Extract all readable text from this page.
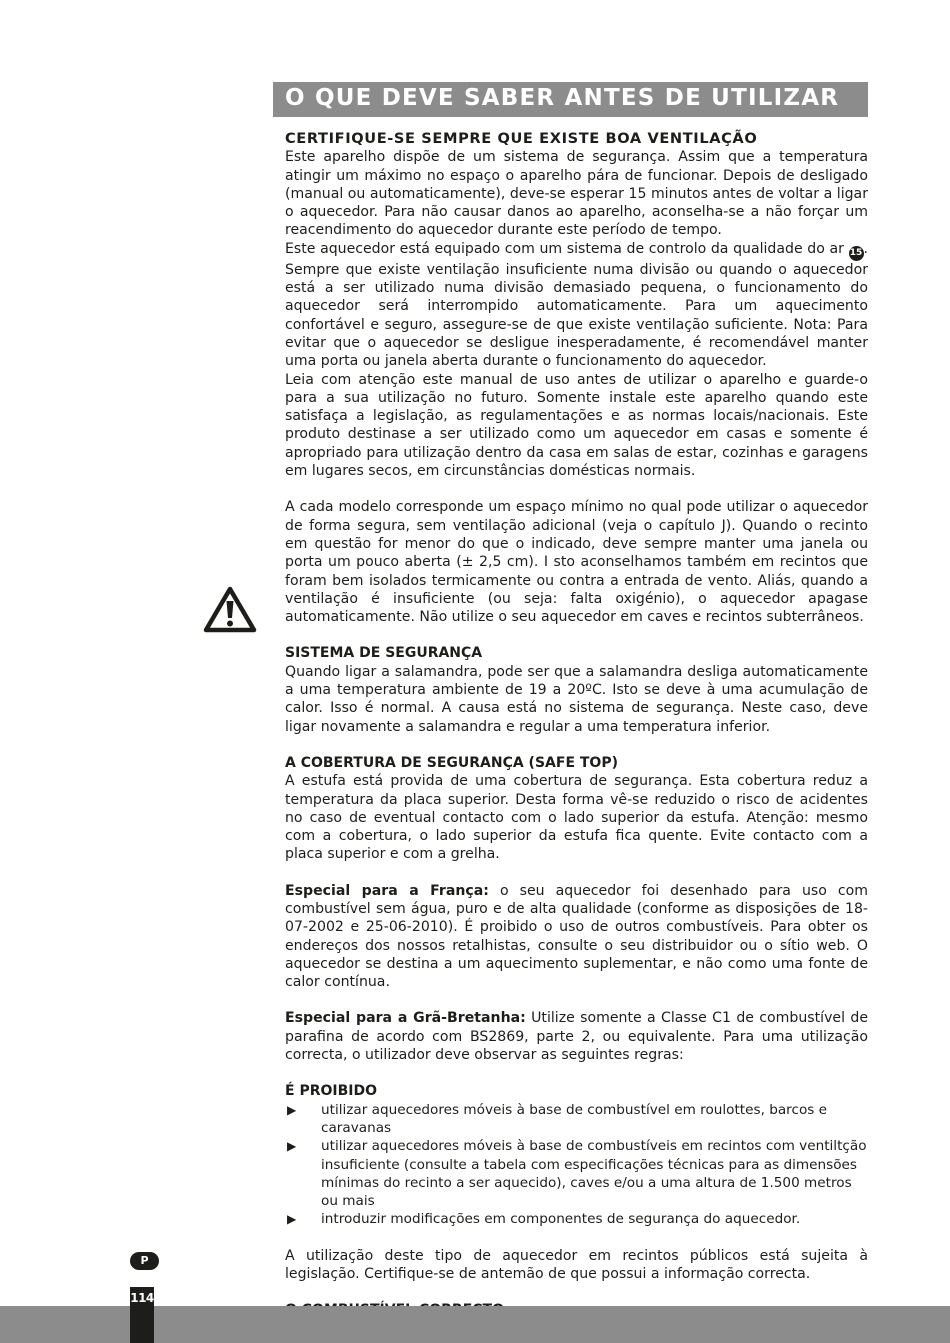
O QUE DEVE SABER ANTES DE UTILIZAR
CERTIFIQUE-SE SEMPRE QUE EXISTE BOA VENTILAÇÃO

Este aparelho dispõe de um sistema de segurança. Assim que a temperatura atingir um máximo no espaço o aparelho pára de funcionar. Depois de desligado (manual ou automaticamente), deve-se esperar 15 minutos antes de voltar a ligar o aquecedor. Para não causar danos ao aparelho, aconselha-se a não forçar um reacendimento do aquecedor durante este período de tempo.

Este aquecedor está equipado com um sistema de controlo da qualidade do ar 15. Sempre que existe ventilação insuficiente numa divisão ou quando o aquecedor está a ser utilizado numa divisão demasiado pequena, o funcionamento do aquecedor será interrompido automaticamente. Para um aquecimento confortável e seguro, assegure-se de que existe ventilação suficiente. Nota: Para evitar que o aquecedor se desligue inesperadamente, é recomendável manter uma porta ou janela aberta durante o funcionamento do aquecedor.

Leia com atenção este manual de uso antes de utilizar o aparelho e guarde-o para a sua utilização no futuro. Somente instale este aparelho quando este satisfaça a legislação, as regulamentações e as normas locais/nacionais. Este produto destinase a ser utilizado como um aquecedor em casas e somente é apropriado para utilização dentro da casa em salas de estar, cozinhas e garagens em lugares secos, em circunstâncias domésticas normais.

A cada modelo corresponde um espaço mínimo no qual pode utilizar o aquecedor de forma segura, sem ventilação adicional (veja o capítulo J). Quando o recinto em questão for menor do que o indicado, deve sempre manter uma janela ou porta um pouco aberta (± 2,5 cm). I sto aconselhamos também em recintos que foram bem isolados termicamente ou contra a entrada de vento. Aliás, quando a ventilação é insuficiente (ou seja: falta oxigénio), o aquecedor apagase automaticamente. Não utilize o seu aquecedor em caves e recintos subterrâneos.

SISTEMA DE SEGURANÇA

Quando ligar a salamandra, pode ser que a salamandra desliga automaticamente a uma temperatura ambiente de 19 a 20ºC. Isto se deve à uma acumulação de calor. Isso é normal. A causa está no sistema de segurança. Neste caso, deve ligar novamente a salamandra e regular a uma temperatura inferior.

A COBERTURA DE SEGURANÇA (SAFE TOP)

A estufa está provida de uma cobertura de segurança. Esta cobertura reduz a temperatura da placa superior. Desta forma vê-se reduzido o risco de acidentes no caso de eventual contacto com o lado superior da estufa. Atenção: mesmo com a cobertura, o lado superior da estufa fica quente. Evite contacto com a placa superior e com a grelha.

Especial para a França: o seu aquecedor foi desenhado para uso com combustível sem água, puro e de alta qualidade (conforme as disposições de 18-07-2002 e 25-06-2010). É proibido o uso de outros combustíveis. Para obter os endereços dos nossos retalhistas, consulte o seu distribuidor ou o sítio web. O aquecedor se destina a um aquecimento suplementar, e não como uma fonte de calor contínua.

Especial para a Grã-Bretanha: Utilize somente a Classe C1 de combustível de parafina de acordo com BS2869, parte 2, ou equivalente. Para uma utilização correcta, o utilizador deve observar as seguintes regras:

É PROIBIDO
▶ utilizar aquecedores móveis à base de combustível em roulottes, barcos e caravanas
▶ utilizar aquecedores móveis à base de combustíveis em recintos com ventiltção insuficiente (consulte a tabela com especificações técnicas para as dimensões mínimas do recinto a ser aquecido), caves e/ou a uma altura de 1.500 metros ou mais
▶ introduzir modificações em componentes de segurança do aquecedor.

A utilização deste tipo de aquecedor em recintos públicos está sujeita à legislação. Certifique-se de antemão de que possui a informação correcta.

P
114
